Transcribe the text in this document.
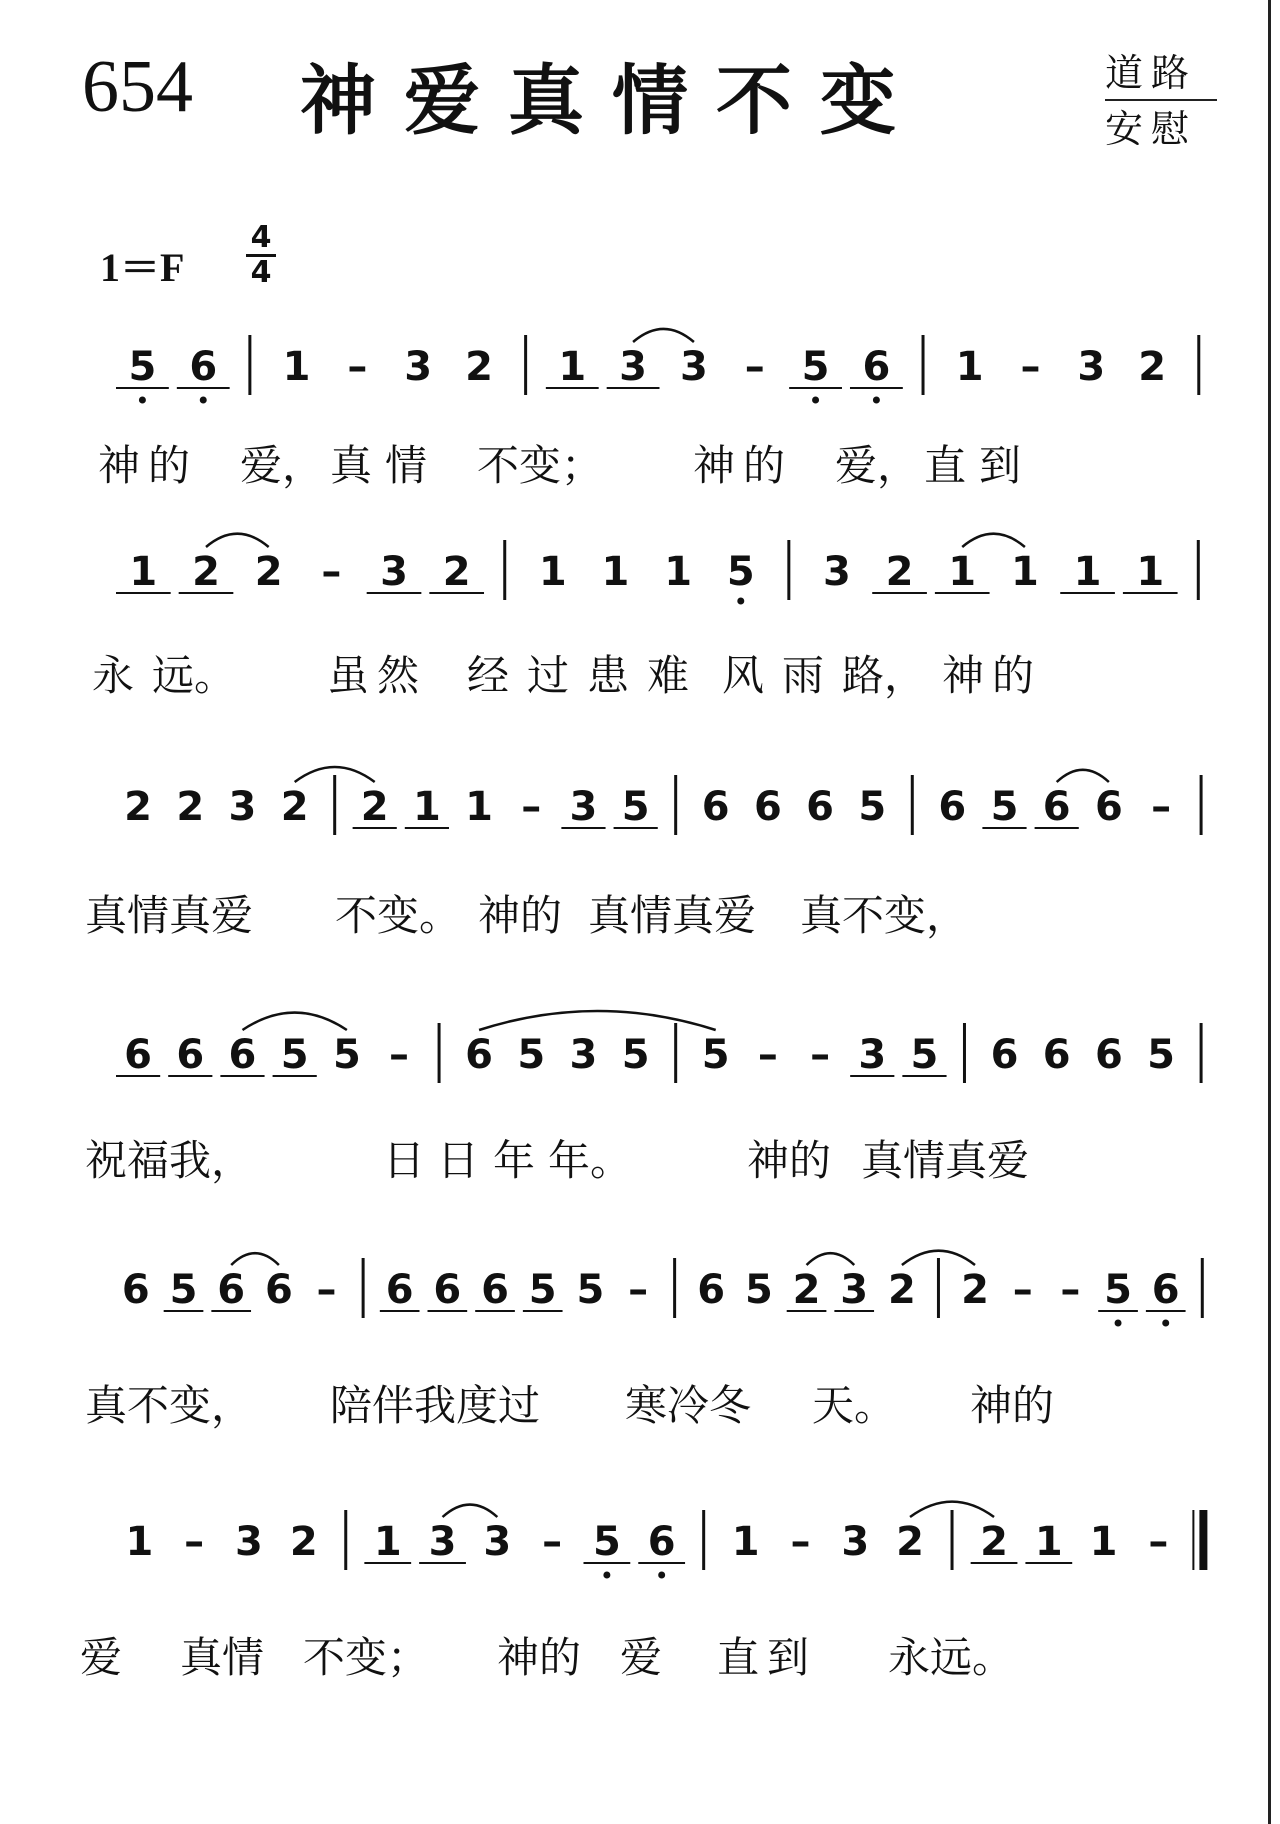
654 神爱真情不变	道路
安慰
1＝F
4
4
5 6 1 – 3 2 1 3 3 – 5 6 1 – 3 2
神 的 爱， 真 情 不变； 神 的 爱， 直 到
1 2 2 – 3 2 1 1 1 5 3 2 1 1 1 1
永 远。 虽 然 经 过 患 难 风 雨 路， 神 的
2 2 3 2 2 1 1 – 3 5 6 6 6 5 6 5 6 6 –
真情真爱 不变。 神的 真情真爱 真不变，
6 6 6 5 5 – 6 5 3 5 5 – – 3 5 6 6 6 5
祝福我，	日 日 年 年。	神的 真情真爱
6 5 6 6 – 6 6 6 5 5 – 6 5 2 3 2 2 – – 5 6
真不变， 陪伴我度过 寒冷冬 天。 神的
1 – 3 2 1 3 3 – 5 6 1 – 3 2 2 1 1 –
爱 真情 不变； 神的 爱 直 到 永远。
